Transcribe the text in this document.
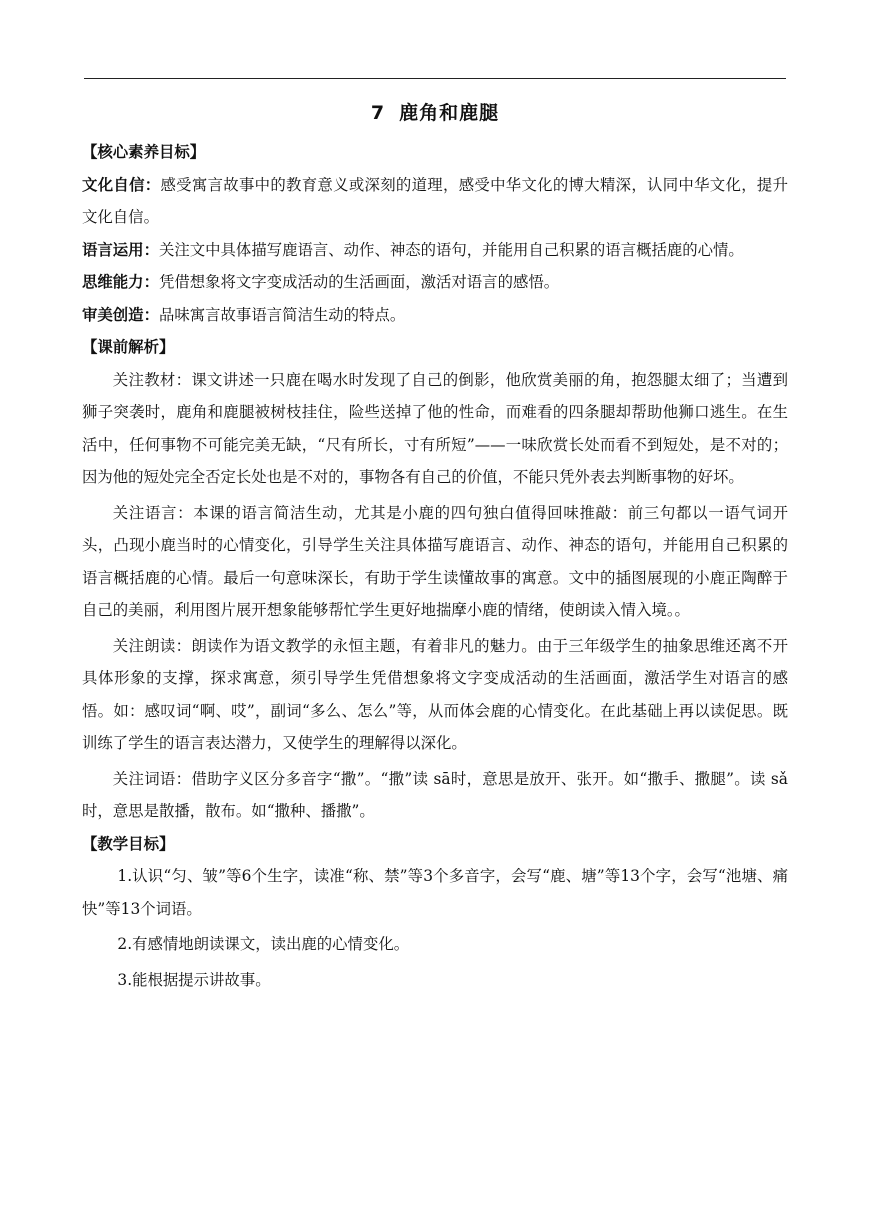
7 鹿角和鹿腿

【核心素养目标】

文化自信：感受寓言故事中的教育意义或深刻的道理，感受中华文化的博大精深，认同中华文化，提升文化自信。

语言运用：关注文中具体描写鹿语言、动作、神态的语句，并能用自己积累的语言概括鹿的心情。

思维能力：凭借想象将文字变成活动的生活画面，激活对语言的感悟。

审美创造：品味寓言故事语言简洁生动的特点。

【课前解析】

关注教材：课文讲述一只鹿在喝水时发现了自己的倒影，他欣赏美丽的角，抱怨腿太细了；当遭到狮子突袭时，鹿角和鹿腿被树枝挂住，险些送掉了他的性命，而难看的四条腿却帮助他狮口逃生。在生活中，任何事物不可能完美无缺，“尺有所长，寸有所短”——一味欣赏长处而看不到短处，是不对的；因为他的短处完全否定长处也是不对的，事物各有自己的价值，不能只凭外表去判断事物的好坏。

关注语言：本课的语言简洁生动，尤其是小鹿的四句独白值得回味推敲：前三句都以一语气词开头，凸现小鹿当时的心情变化，引导学生关注具体描写鹿语言、动作、神态的语句，并能用自己积累的语言概括鹿的心情。最后一句意味深长，有助于学生读懂故事的寓意。文中的插图展现的小鹿正陶醉于自己的美丽，利用图片展开想象能够帮忙学生更好地揣摩小鹿的情绪，使朗读入情入境。。

关注朗读：朗读作为语文教学的永恒主题，有着非凡的魅力。由于三年级学生的抽象思维还离不开具体形象的支撑，探求寓意，须引导学生凭借想象将文字变成活动的生活画面，激活学生对语言的感悟。如：感叹词“啊、哎”，副词“多么、怎么”等，从而体会鹿的心情变化。在此基础上再以读促思。既训练了学生的语言表达潜力，又使学生的理解得以深化。

关注词语：借助字义区分多音字“撒”。“撒”读 sā时，意思是放开、张开。如“撒手、撒腿”。读 sǎ时，意思是散播，散布。如“撒种、播撒”。

【教学目标】

1.认识“匀、皱”等6个生字，读准“称、禁”等3个多音字，会写“鹿、塘”等13个字，会写“池塘、痛快”等13个词语。

2.有感情地朗读课文，读出鹿的心情变化。

3.能根据提示讲故事。
